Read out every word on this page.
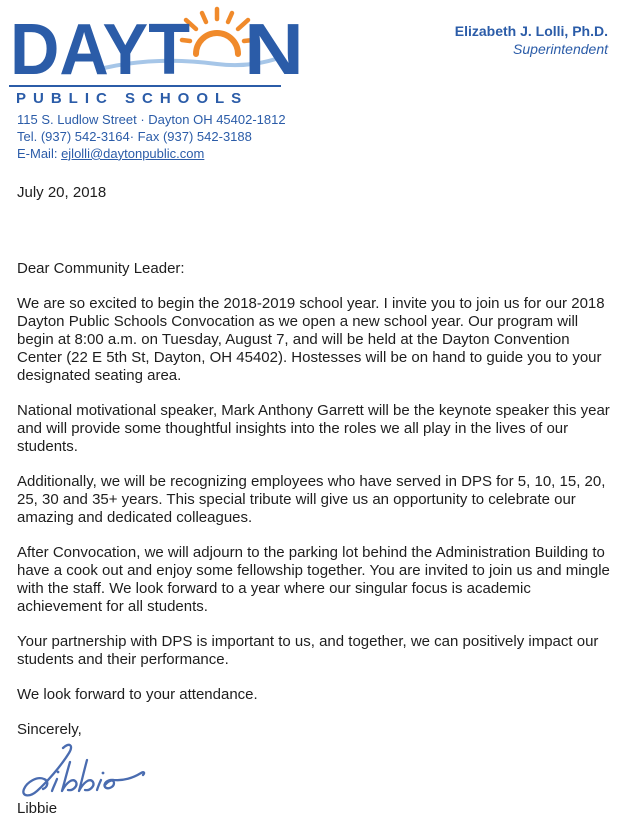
DAYT N
PUBLIC SCHOOLS
115 S. Ludlow Street · Dayton OH 45402-1812
Tel. (937) 542-3164· Fax (937) 542-3188
E-Mail: ejlolli@daytonpublic.com
Elizabeth J. Lolli, Ph.D.
Superintendent

July 20, 2018

Dear Community Leader:

We are so excited to begin the 2018-2019 school year. I invite you to join us for our 2018 Dayton Public Schools Convocation as we open a new school year. Our program will begin at 8:00 a.m. on Tuesday, August 7, and will be held at the Dayton Convention Center (22 E 5th St, Dayton, OH 45402). Hostesses will be on hand to guide you to your designated seating area.

National motivational speaker, Mark Anthony Garrett will be the keynote speaker this year and will provide some thoughtful insights into the roles we all play in the lives of our students.

Additionally, we will be recognizing employees who have served in DPS for 5, 10, 15, 20, 25, 30 and 35+ years. This special tribute will give us an opportunity to celebrate our amazing and dedicated colleagues.

After Convocation, we will adjourn to the parking lot behind the Administration Building to have a cook out and enjoy some fellowship together. You are invited to join us and mingle with the staff. We look forward to a year where our singular focus is academic achievement for all students.

Your partnership with DPS is important to us, and together, we can positively impact our students and their performance.

We look forward to your attendance.

Sincerely,

Libbie
